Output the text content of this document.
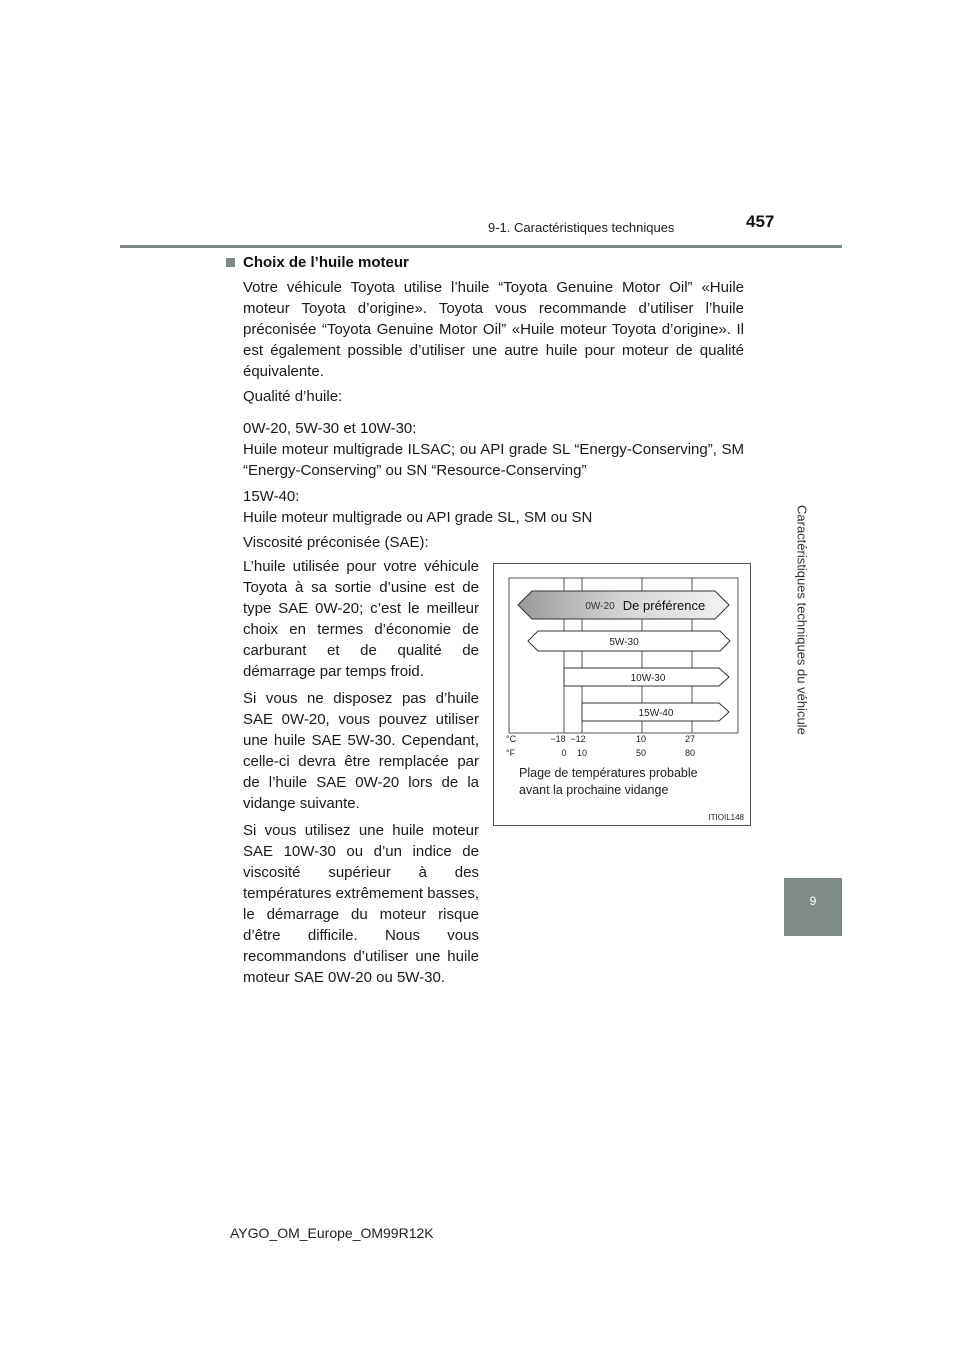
9-1. Caractéristiques techniques	457
Caractéristiques techniques du véhicule
9
Choix de l’huile moteur

Votre véhicule Toyota utilise l’huile “Toyota Genuine Motor Oil” «Huile moteur Toyota d’origine». Toyota vous recommande d’utiliser l’huile préconisée “Toyota Genuine Motor Oil” «Huile moteur Toyota d’origine». Il est également possible d’utiliser une autre huile pour moteur de qualité équivalente.

Qualité d’huile:

0W-20, 5W-30 et 10W-30:
Huile moteur multigrade ILSAC; ou API grade SL “Energy-Conserving”, SM “Energy-Conserving” ou SN “Resource-Conserving”
15W-40:
Huile moteur multigrade ou API grade SL, SM ou SN

Viscosité préconisée (SAE):

L’huile utilisée pour votre véhicule Toyota à sa sortie d’usine est de type SAE 0W-20; c’est le meilleur choix en termes d’économie de carburant et de qualité de démarrage par temps froid.

Si vous ne disposez pas d’huile SAE 0W-20, vous pouvez utiliser une huile SAE 5W-30. Cependant, celle-ci devra être remplacée par de l’huile SAE 0W-20 lors de la vidange suivante.

Si vous utilisez une huile moteur SAE 10W-30 ou d’un indice de viscosité supérieur à des températures extrêmement basses, le démarrage du moteur risque d’être difficile. Nous vous recommandons d’utiliser une huile moteur SAE 0W-20 ou 5W-30.

0W-20 De préférence
5W-30
10W-30
15W-40
°C
°F
−18 −12	10	27
0 10	50	80
Plage de températures probable
avant la prochaine vidange
ITIOIL148
AYGO_OM_Europe_OM99R12K
